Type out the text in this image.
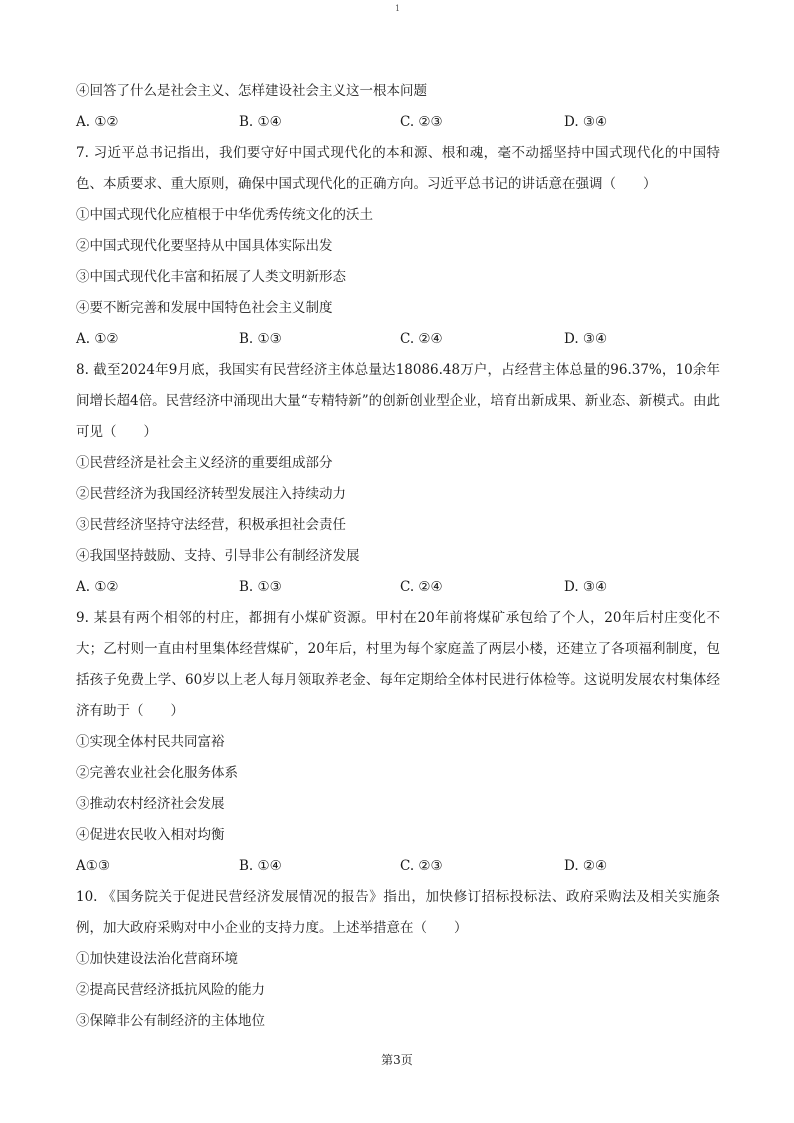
1
④回答了什么是社会主义、怎样建设社会主义这一根本问题
A. ①②	B. ①④	C. ②③	D. ③④
7. 习近平总书记指出，我们要守好中国式现代化的本和源、根和魂，毫不动摇坚持中国式现代化的中国特色、本质要求、重大原则，确保中国式现代化的正确方向。习近平总书记的讲话意在强调（　　）
①中国式现代化应植根于中华优秀传统文化的沃土
②中国式现代化要坚持从中国具体实际出发
③中国式现代化丰富和拓展了人类文明新形态
④要不断完善和发展中国特色社会主义制度
A. ①②	B. ①③	C. ②④	D. ③④
8. 截至2024年9月底，我国实有民营经济主体总量达18086.48万户，占经营主体总量的96.37%，10余年间增长超4倍。民营经济中涌现出大量“专精特新”的创新创业型企业，培育出新成果、新业态、新模式。由此可见（　　）
①民营经济是社会主义经济的重要组成部分
②民营经济为我国经济转型发展注入持续动力
③民营经济坚持守法经营，积极承担社会责任
④我国坚持鼓励、支持、引导非公有制经济发展
A. ①②	B. ①③	C. ②④	D. ③④
9. 某县有两个相邻的村庄，都拥有小煤矿资源。甲村在20年前将煤矿承包给了个人，20年后村庄变化不大；乙村则一直由村里集体经营煤矿，20年后，村里为每个家庭盖了两层小楼，还建立了各项福利制度，包括孩子免费上学、60岁以上老人每月领取养老金、每年定期给全体村民进行体检等。这说明发展农村集体经济有助于（　　）
①实现全体村民共同富裕
②完善农业社会化服务体系
③推动农村经济社会发展
④促进农民收入相对均衡
A①③	B. ①④	C. ②③	D. ②④
10. 《国务院关于促进民营经济发展情况的报告》指出，加快修订招标投标法、政府采购法及相关实施条例，加大政府采购对中小企业的支持力度。上述举措意在（　　）
①加快建设法治化营商环境
②提高民营经济抵抗风险的能力
③保障非公有制经济的主体地位
第3页
